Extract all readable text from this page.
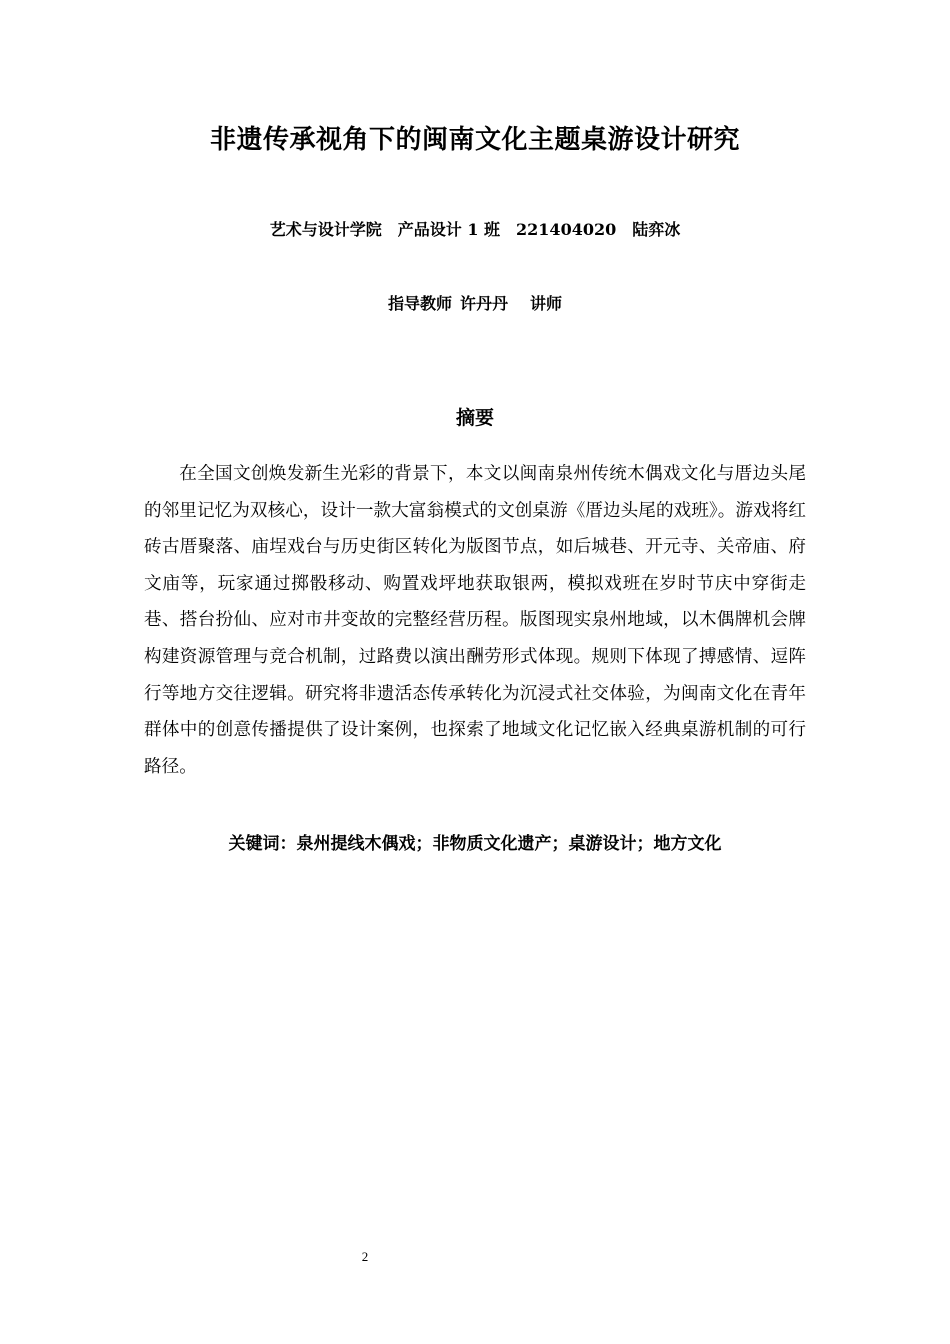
非遗传承视角下的闽南文化主题桌游设计研究
艺术与设计学院 产品设计 1 班 221404020 陆弈冰
指导教师 许丹丹 讲师
摘要

在全国文创焕发新生光彩的背景下，本文以闽南泉州传统木偶戏文化与厝边头尾的邻里记忆为双核心，设计一款大富翁模式的文创桌游《厝边头尾的戏班》。游戏将红砖古厝聚落、庙埕戏台与历史街区转化为版图节点，如后城巷、开元寺、关帝庙、府文庙等，玩家通过掷骰移动、购置戏坪地获取银两，模拟戏班在岁时节庆中穿街走巷、搭台扮仙、应对市井变故的完整经营历程。版图现实泉州地域，以木偶牌机会牌构建资源管理与竞合机制，过路费以演出酬劳形式体现。规则下体现了搏感情、逗阵行等地方交往逻辑。研究将非遗活态传承转化为沉浸式社交体验，为闽南文化在青年群体中的创意传播提供了设计案例，也探索了地域文化记忆嵌入经典桌游机制的可行路径。

关键词：泉州提线木偶戏；非物质文化遗产；桌游设计；地方文化
2
